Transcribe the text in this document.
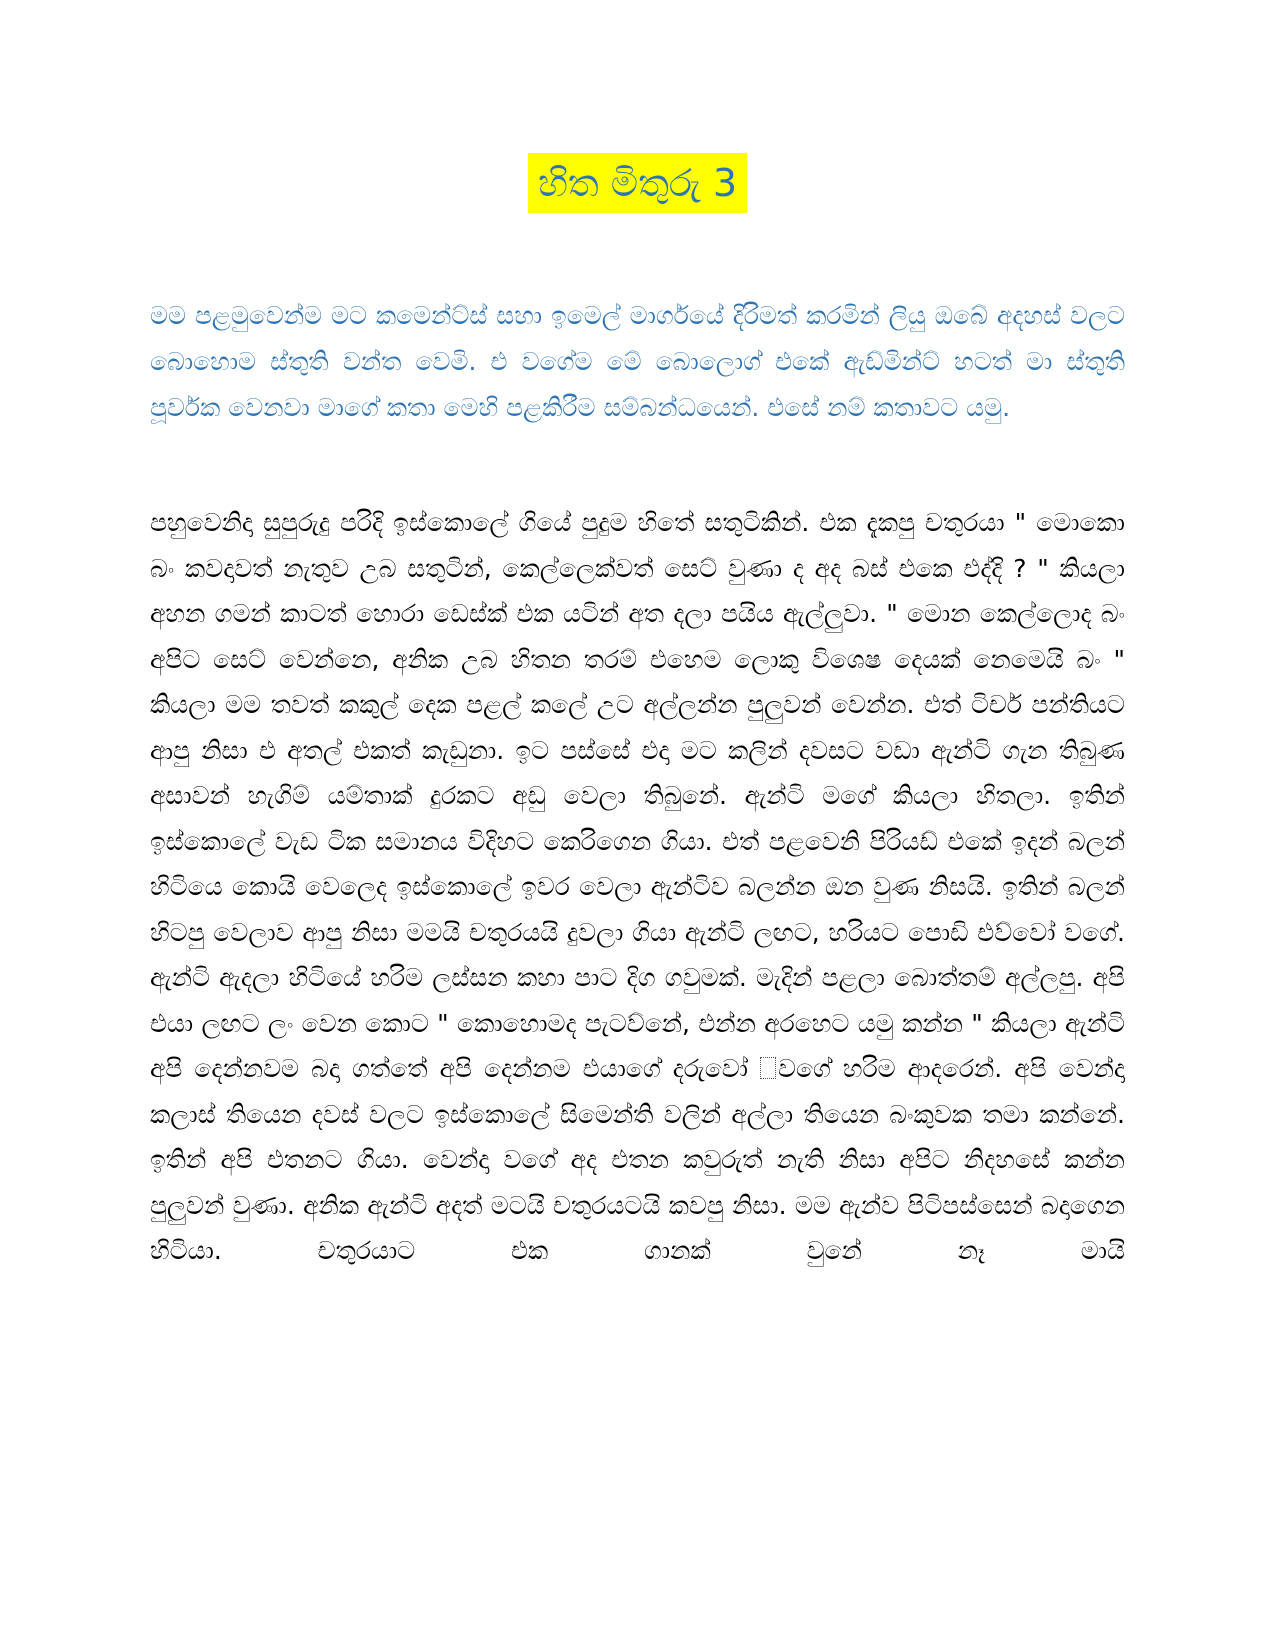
හිත මිතුරු 3

මම පළමුවෙන්ම මට කමෙන්ට්ස් සහා ඉමෙල් මාර්ගයේ දිරිමත් කරමින් ලියු ඔබේ අදහස් වලට බොහොම ස්තුති වන්ත වෙමි. එ වගේම මේ බොලොග් එකේ ඇඩ්මින්ට් හටත් මා ස්තුති පූර්වක වෙනවා මාගේ කතා මෙහි පළකිරීම සම්බන්ධයෙන්. එසේ නම් කතාවට යමු.

පහුවෙනිදා සුපුරුදු පරිදි ඉස්කොලේ ගියේ පුදුම හිතේ සතුටිකින්. එක දැකපු චතුරයා " මොකො බං කවදාවත් නැතුව උබ සතුටින්, කෙල්ලෙක්වත් සෙට් වුණා ද අද බස් එකෙ එද්දි ? " කියලා අහන ගමන් කාටත් හොරා ඩෙස්ක් එක යටින් අත දලා පයිය ඇල්ලුවා. " මොන කෙල්ලොද බං අපිට සෙට් වෙන්නෙ, අනික උබ හිතන තරම් එහෙම ලොකු විශෙෂ දෙයක් නෙමෙයි බං " කියලා මම තවත් කකුල් දෙක පළල් කලේ උට අල්ලන්න පුලුවන් වෙන්න. එත් ටිචර් පන්තියට ආපු නිසා එ අතල් එකත් කැඩුනා. ඉට පස්සේ එදා මට කලින් දවසට වඩා ඇන්ටි ගැන තිබුණ අසාවන් හැගිම් යම්තාක් දුරකට අඩු වෙලා තිබුනේ. ඇන්ටි මගේ කියලා හිතලා. ඉතින් ඉස්කොලේ වැඩ ටික සමානය විදිහට කෙරිගෙන ගියා. එත් පළවෙනි පිරියඩ් එකේ ඉදන් බලන් හිටියෙ කොයි වෙලෙද ඉස්කොලේ ඉවර වෙලා ඇන්ටිව බලන්න ඔන වුණ නිසයි. ඉතින් බලන් හිටපු වෙලාව ආපු නිසා මමයි චතුරයයි දුවලා ගියා ඇන්ටි ලඟට, හරියට පොඩි එව්වෝ වගේ. ඇන්ටි ඇදලා හිටියේ හරිම ලස්සන කහා පාට දිග ගවුමක්. මැදින් පළලා බොත්තම් අල්ලපු. අපි එයා ලඟට ලං වෙන කොට " කොහොමද පැටව්නේ, එන්න අරහෙට යමු කන්න " කියලා ඇන්ටි අපි දෙන්නවම බදා ගත්තේ අපි දෙන්නම එයාගේ දරුවෝ වගේ හරිම ආදරෙන්. අපි වෙන්දා කලාස් තියෙන දවස් වලට ඉස්කොලේ සිමෙන්ති වලින් අල්ලා තියෙන බංකුවක තමා කන්නේ. ඉතින් අපි එතනට ගියා. වෙන්දා වගේ අද එතන කවුරුත් නැති නිසා අපිට නිදහසේ කන්න පුලුවන් වුණා. අනික ඇන්ටි අදත් මටයි චතුරයටයි කවපු නිසා. මම ඇන්ව පිටිපස්සෙන් බදාගෙන හිටියා. චතුරයාට එක ගානක් වුනේ නෑ මායි
